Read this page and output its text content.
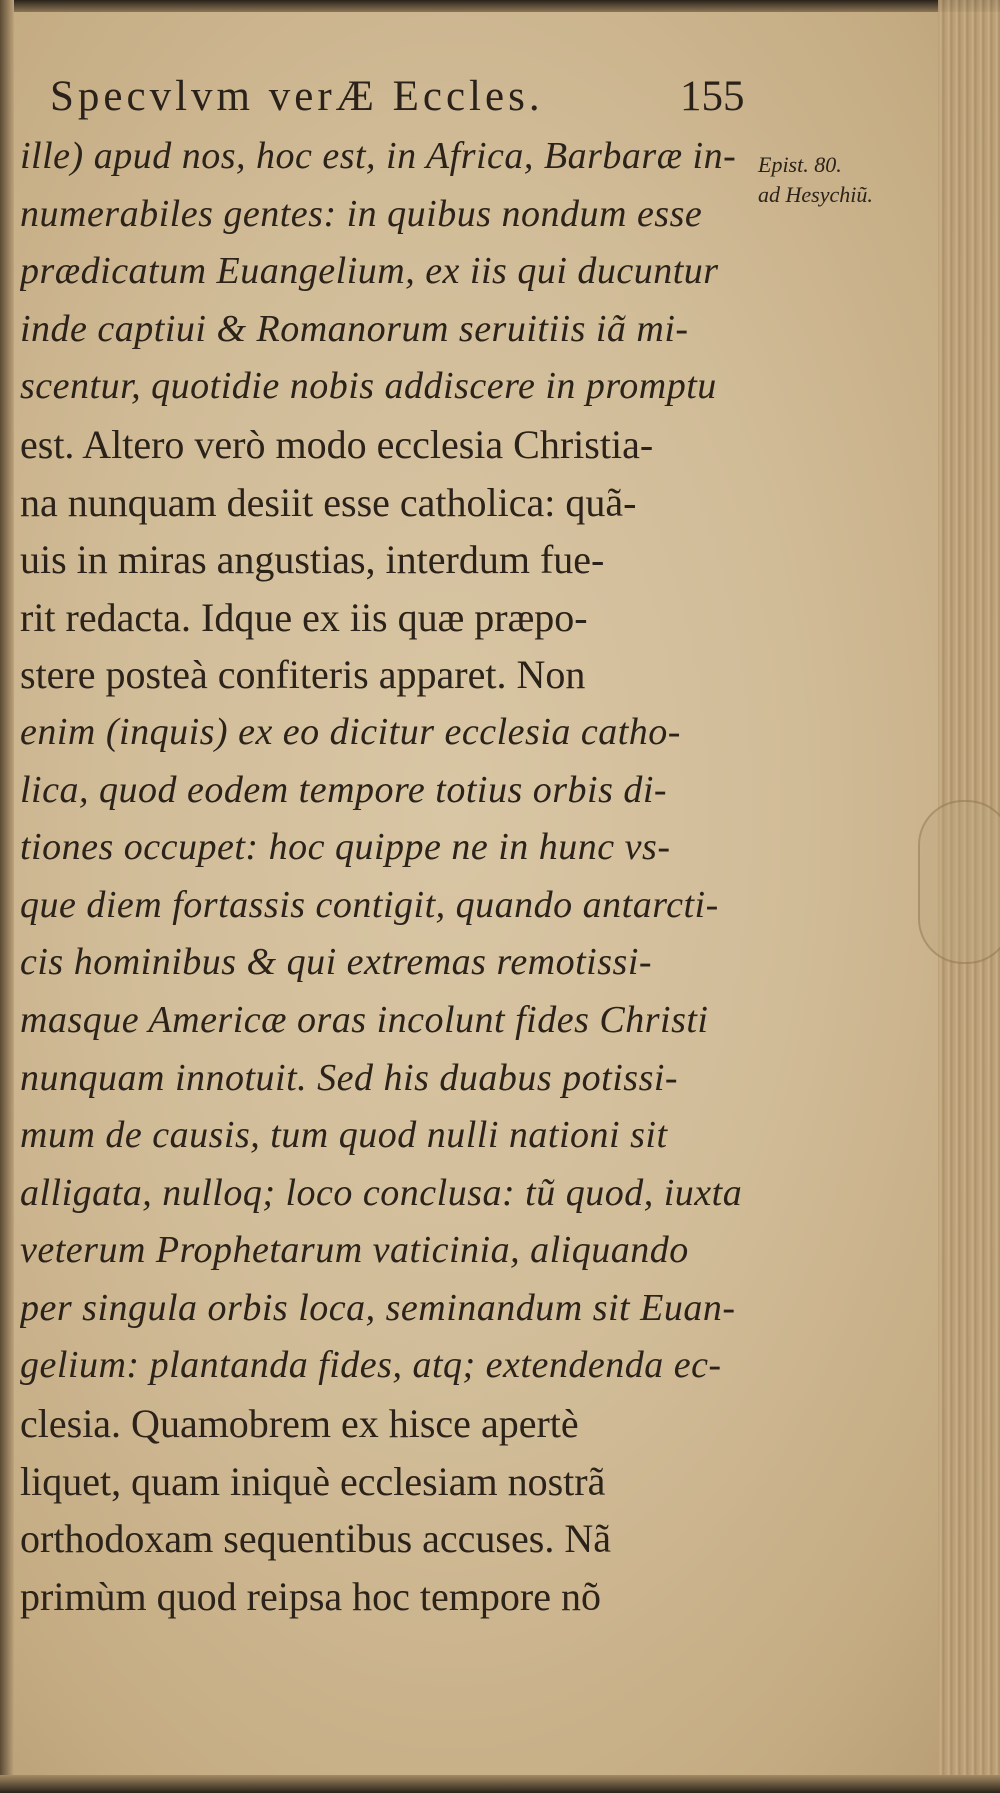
Specvlvm verÆ Eccles.	155
Epist. 80.
ad Hesychiũ.
ille) apud nos, hoc est, in Africa, Barbaræ in-
numerabiles gentes: in quibus nondum esse
prædicatum Euangelium, ex iis qui ducuntur
inde captiui & Romanorum seruitiis iã mi-
scentur, quotidie nobis addiscere in promptu
est. Altero verò modo ecclesia Christia-
na nunquam desiit esse catholica: quã-
uis in miras angustias, interdum fue-
rit redacta. Idque ex iis quæ præpo-
stere posteà confiteris apparet. Non
enim (inquis) ex eo dicitur ecclesia catho-
lica, quod eodem tempore totius orbis di-
tiones occupet: hoc quippe ne in hunc vs-
que diem fortassis contigit, quando antarcti-
cis hominibus & qui extremas remotissi-
masque Americæ oras incolunt fides Christi
nunquam innotuit. Sed his duabus potissi-
mum de causis, tum quod nulli nationi sit
alligata, nulloq; loco conclusa: tũ quod, iuxta
veterum Prophetarum vaticinia, aliquando
per singula orbis loca, seminandum sit Euan-
gelium: plantanda fides, atq; extendenda ec-
clesia. Quamobrem ex hisce apertè
liquet, quam iniquè ecclesiam nostrã
orthodoxam sequentibus accuses. Nã
primùm quod reipsa hoc tempore nõ
